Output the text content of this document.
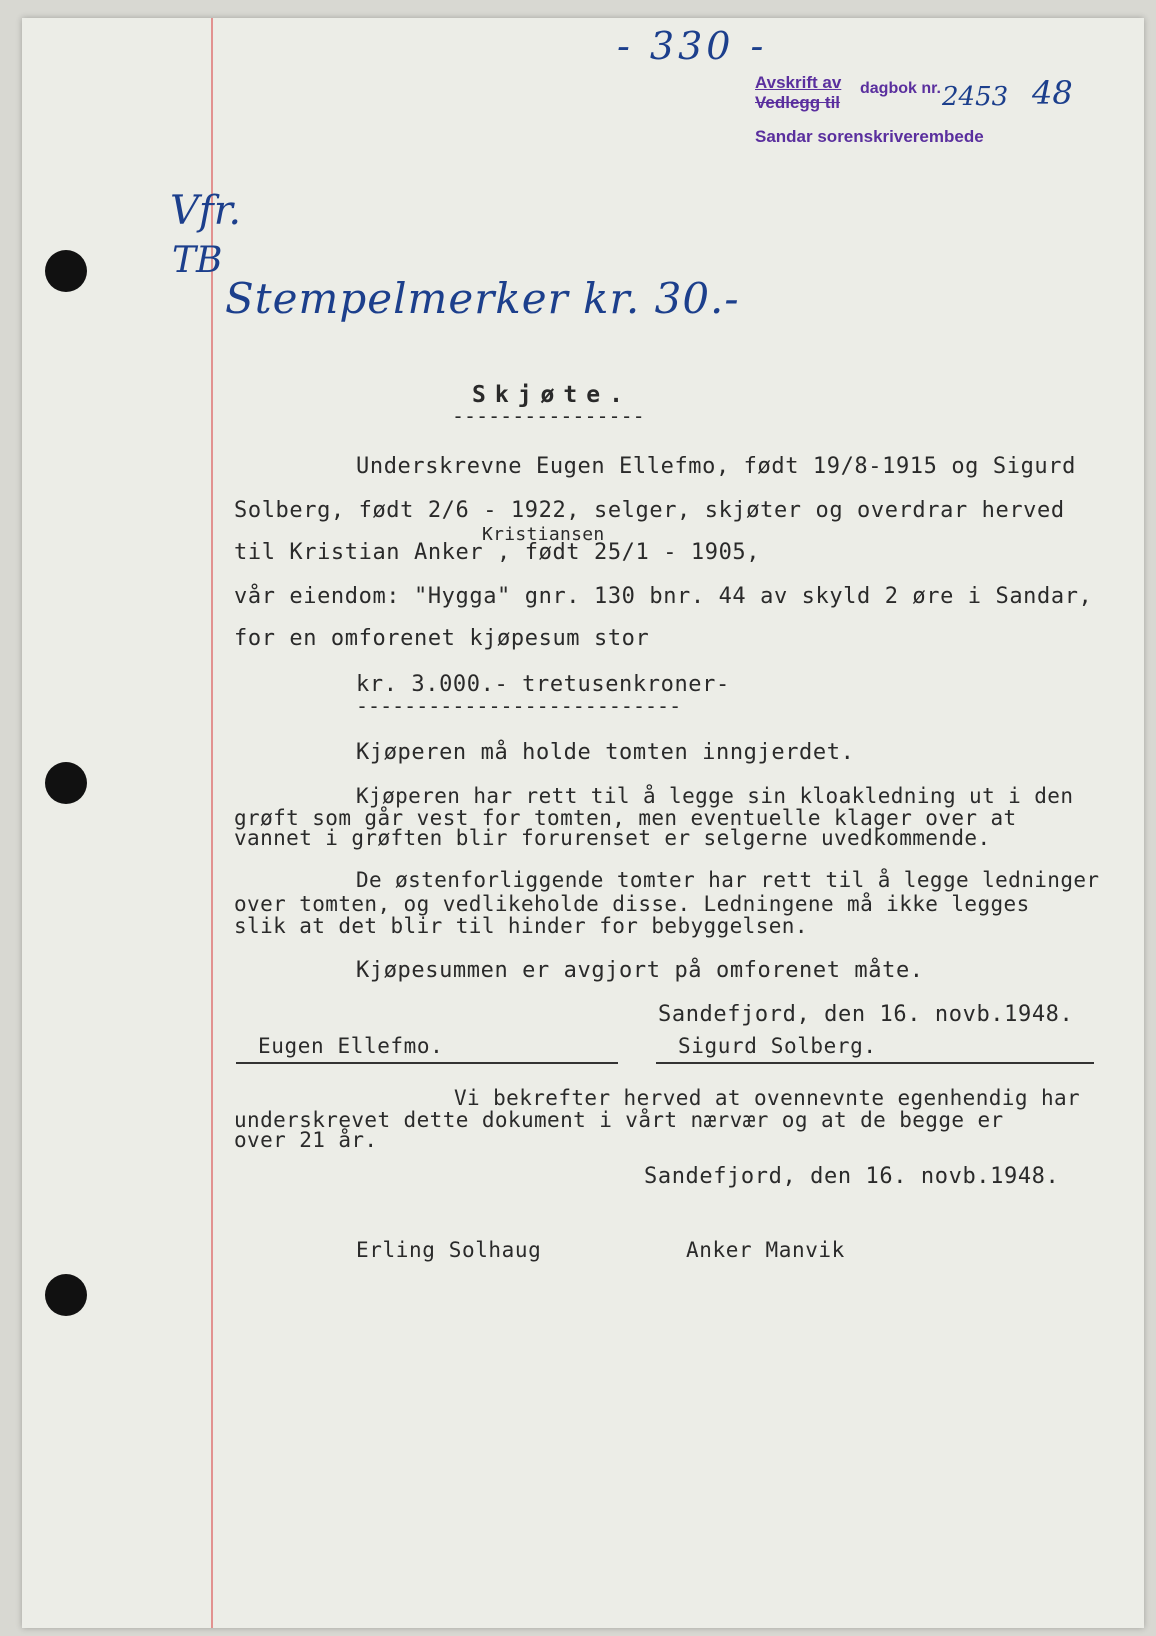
- 330 -
Avskrift av dagbok nr.
Vedlegg til
Sandar sorenskriverembede
2453 48
Vfr.
TB
Stempelmerker kr. 30.-
Skjøte.
----------------
Underskrevne Eugen Ellefmo, født 19/8-1915 og Sigurd
Solberg, født 2/6 - 1922, selger, skjøter og overdrar herved
Kristiansen
til Kristian Anker , født 25/1 - 1905,
vår eiendom: "Hygga" gnr. 130 bnr. 44 av skyld 2 øre i Sandar,
for en omforenet kjøpesum stor
kr. 3.000.- tretusenkroner-
---------------------------
Kjøperen må holde tomten inngjerdet.
Kjøperen har rett til å legge sin kloakledning ut i den
grøft som går vest for tomten, men eventuelle klager over at
vannet i grøften blir forurenset er selgerne uvedkommende.
De østenforliggende tomter har rett til å legge ledninger
over tomten, og vedlikeholde disse. Ledningene må ikke legges
slik at det blir til hinder for bebyggelsen.
Kjøpesummen er avgjort på omforenet måte.
Sandefjord, den 16. novb.1948.
Eugen Ellefmo.	Sigurd Solberg.
Vi bekrefter herved at ovennevnte egenhendig har
underskrevet dette dokument i vårt nærvær og at de begge er
over 21 år.
Sandefjord, den 16. novb.1948.
Erling Solhaug	Anker Manvik
